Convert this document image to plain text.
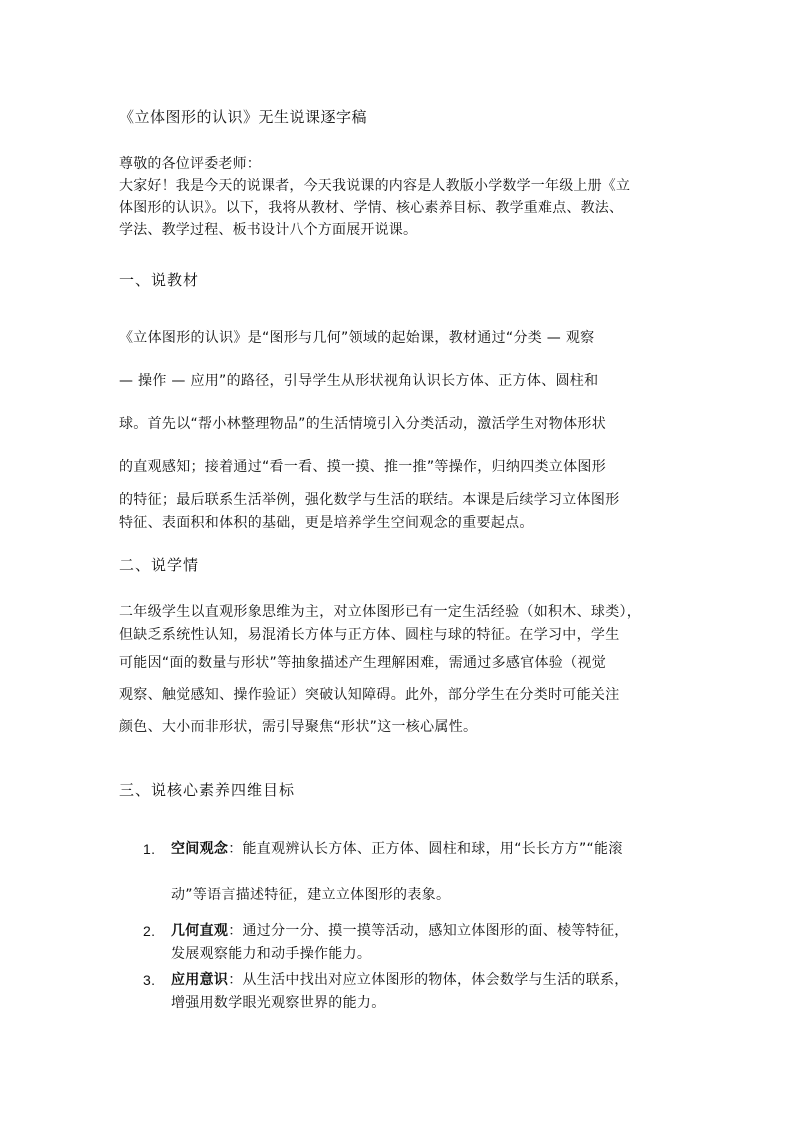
《立体图形的认识》无生说课逐字稿

尊敬的各位评委老师：

大家好！我是今天的说课者，今天我说课的内容是人教版小学数学一年级上册《立

体图形的认识》。以下，我将从教材、学情、核心素养目标、教学重难点、教法、

学法、教学过程、板书设计八个方面展开说课。

一、说教材

《立体图形的认识》是“图形与几何”领域的起始课，教材通过“分类 — 观察

— 操作 — 应用”的路径，引导学生从形状视角认识长方体、正方体、圆柱和

球。首先以“帮小林整理物品”的生活情境引入分类活动，激活学生对物体形状

的直观感知；接着通过“看一看、摸一摸、推一推”等操作，归纳四类立体图形

的特征；最后联系生活举例，强化数学与生活的联结。本课是后续学习立体图形

特征、表面积和体积的基础，更是培养学生空间观念的重要起点。

二、说学情

二年级学生以直观形象思维为主，对立体图形已有一定生活经验（如积木、球类），

但缺乏系统性认知，易混淆长方体与正方体、圆柱与球的特征。在学习中，学生

可能因“面的数量与形状”等抽象描述产生理解困难，需通过多感官体验（视觉

观察、触觉感知、操作验证）突破认知障碍。此外，部分学生在分类时可能关注

颜色、大小而非形状，需引导聚焦“形状”这一核心属性。

三、说核心素养四维目标
1. 空间观念：能直观辨认长方体、正方体、圆柱和球，用“长长方方”“能滚
动”等语言描述特征，建立立体图形的表象。
2. 几何直观：通过分一分、摸一摸等活动，感知立体图形的面、棱等特征，
发展观察能力和动手操作能力。
3. 应用意识：从生活中找出对应立体图形的物体，体会数学与生活的联系，
增强用数学眼光观察世界的能力。
